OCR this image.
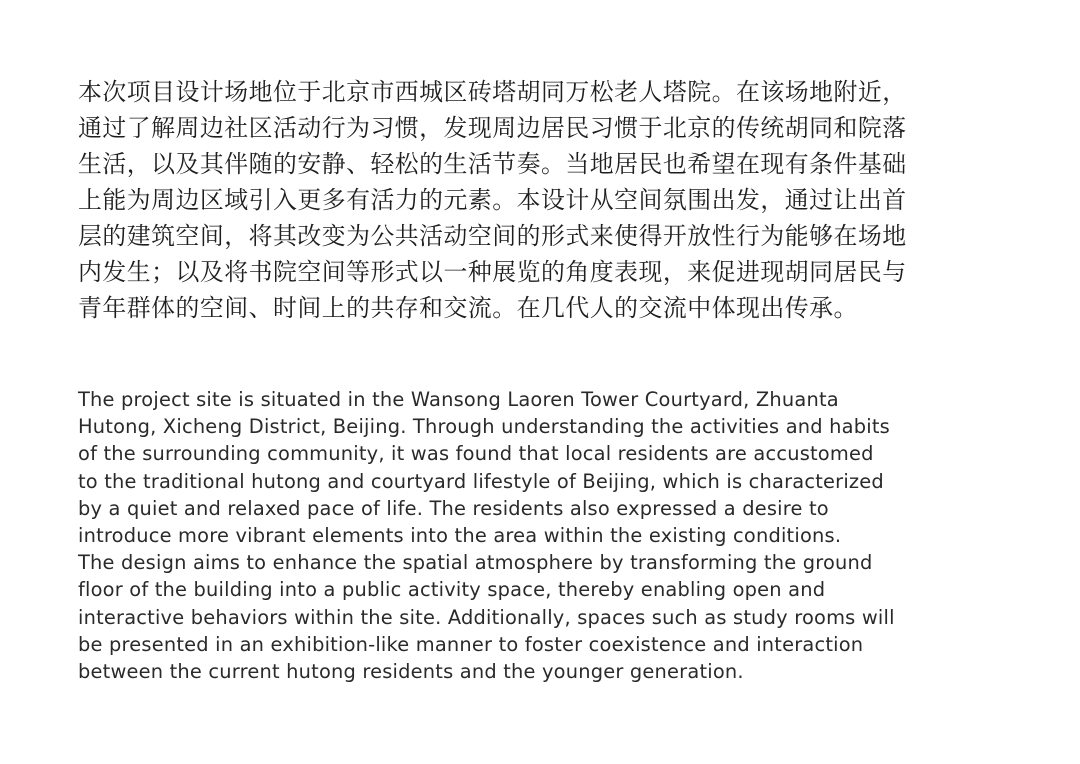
本次项目设计场地位于北京市西城区砖塔胡同万松老人塔院。在该场地附近，
通过了解周边社区活动行为习惯，发现周边居民习惯于北京的传统胡同和院落
生活，以及其伴随的安静、轻松的生活节奏。当地居民也希望在现有条件基础
上能为周边区域引入更多有活力的元素。本设计从空间氛围出发，通过让出首
层的建筑空间，将其改变为公共活动空间的形式来使得开放性行为能够在场地
内发生；以及将书院空间等形式以一种展览的角度表现，来促进现胡同居民与
青年群体的空间、时间上的共存和交流。在几代人的交流中体现出传承。
The project site is situated in the Wansong Laoren Tower Courtyard, Zhuanta
Hutong, Xicheng District, Beijing. Through understanding the activities and habits
of the surrounding community, it was found that local residents are accustomed
to the traditional hutong and courtyard lifestyle of Beijing, which is characterized
by a quiet and relaxed pace of life. The residents also expressed a desire to
introduce more vibrant elements into the area within the existing conditions.
The design aims to enhance the spatial atmosphere by transforming the ground
floor of the building into a public activity space, thereby enabling open and
interactive behaviors within the site. Additionally, spaces such as study rooms will
be presented in an exhibition-like manner to foster coexistence and interaction
between the current hutong residents and the younger generation.
